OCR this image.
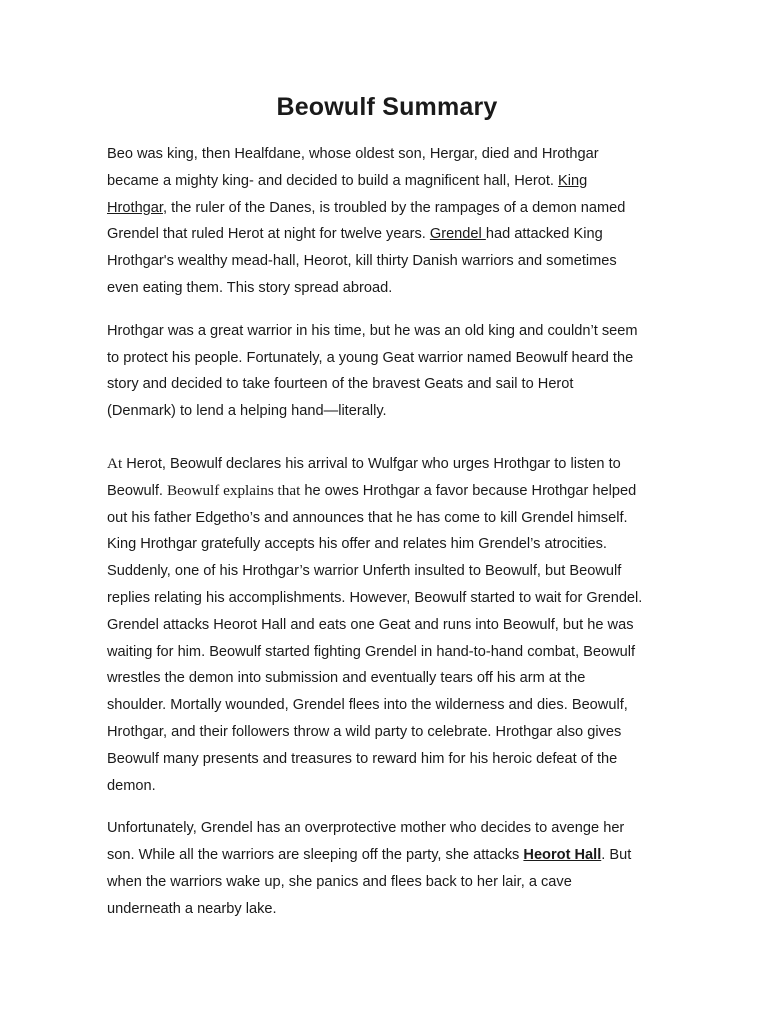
Beowulf Summary

Beo was king, then Healfdane, whose oldest son, Hergar, died and Hrothgar
became a mighty king- and decided to build a magnificent hall, Herot. King
Hrothgar, the ruler of the Danes, is troubled by the rampages of a demon named
Grendel that ruled Herot at night for twelve years. Grendel had attacked King
Hrothgar's wealthy mead-hall, Heorot, kill thirty Danish warriors and sometimes
even eating them. This story spread abroad.

Hrothgar was a great warrior in his time, but he was an old king and couldn’t seem
to protect his people. Fortunately, a young Geat warrior named Beowulf heard the
story and decided to take fourteen of the bravest Geats and sail to Herot
(Denmark) to lend a helping hand—literally.

At Herot, Beowulf declares his arrival to Wulfgar who urges Hrothgar to listen to
Beowulf. Beowulf explains that he owes Hrothgar a favor because Hrothgar helped
out his father Edgetho’s and announces that he has come to kill Grendel himself.
King Hrothgar gratefully accepts his offer and relates him Grendel’s atrocities.
Suddenly, one of his Hrothgar’s warrior Unferth insulted to Beowulf, but Beowulf
replies relating his accomplishments. However, Beowulf started to wait for Grendel.
Grendel attacks Heorot Hall and eats one Geat and runs into Beowulf, but he was
waiting for him. Beowulf started fighting Grendel in hand-to-hand combat, Beowulf
wrestles the demon into submission and eventually tears off his arm at the
shoulder. Mortally wounded, Grendel flees into the wilderness and dies. Beowulf,
Hrothgar, and their followers throw a wild party to celebrate. Hrothgar also gives
Beowulf many presents and treasures to reward him for his heroic defeat of the
demon.

Unfortunately, Grendel has an overprotective mother who decides to avenge her
son. While all the warriors are sleeping off the party, she attacks Heorot Hall. But
when the warriors wake up, she panics and flees back to her lair, a cave
underneath a nearby lake.
